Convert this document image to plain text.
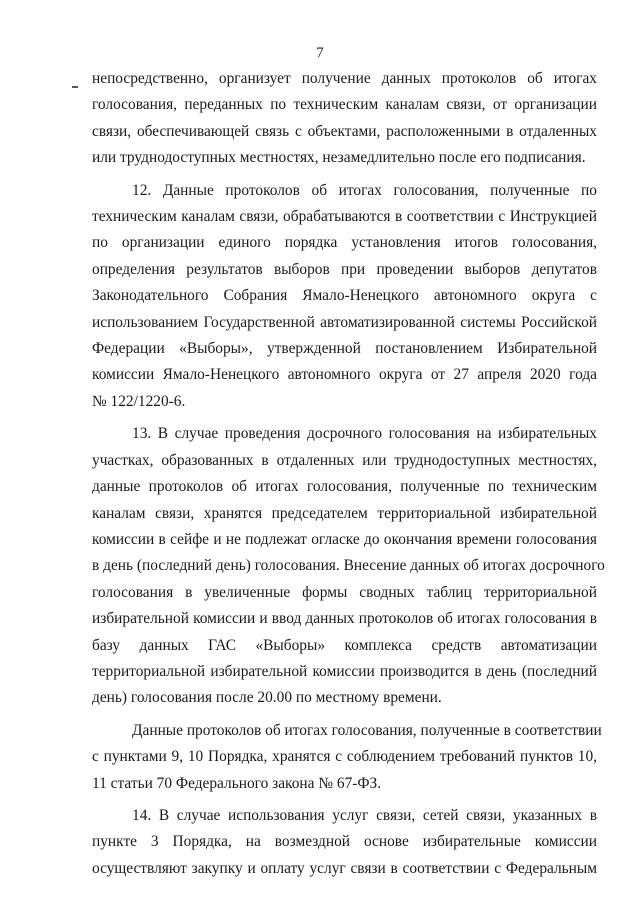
7
непосредственно, организует получение данных протоколов об итогах
голосования, переданных по техническим каналам связи, от организации
связи, обеспечивающей связь с объектами, расположенными в отдаленных
или труднодоступных местностях, незамедлительно после его подписания.
12. Данные протоколов об итогах голосования, полученные по
техническим каналам связи, обрабатываются в соответствии с Инструкцией
по организации единого порядка установления итогов голосования,
определения результатов выборов при проведении выборов депутатов
Законодательного Собрания Ямало-Ненецкого автономного округа с
использованием Государственной автоматизированной системы Российской
Федерации «Выборы», утвержденной постановлением Избирательной
комиссии Ямало-Ненецкого автономного округа от 27 апреля 2020 года
№ 122/1220-6.
13. В случае проведения досрочного голосования на избирательных
участках, образованных в отдаленных или труднодоступных местностях,
данные протоколов об итогах голосования, полученные по техническим
каналам связи, хранятся председателем территориальной избирательной
комиссии в сейфе и не подлежат огласке до окончания времени голосования
в день (последний день) голосования. Внесение данных об итогах досрочного
голосования в увеличенные формы сводных таблиц территориальной
избирательной комиссии и ввод данных протоколов об итогах голосования в
базу данных ГАС «Выборы» комплекса средств автоматизации
территориальной избирательной комиссии производится в день (последний
день) голосования после 20.00 по местному времени.
Данные протоколов об итогах голосования, полученные в соответствии
с пунктами 9, 10 Порядка, хранятся с соблюдением требований пунктов 10,
11 статьи 70 Федерального закона № 67-ФЗ.
14. В случае использования услуг связи, сетей связи, указанных в
пункте 3 Порядка, на возмездной основе избирательные комиссии
осуществляют закупку и оплату услуг связи в соответствии с Федеральным
